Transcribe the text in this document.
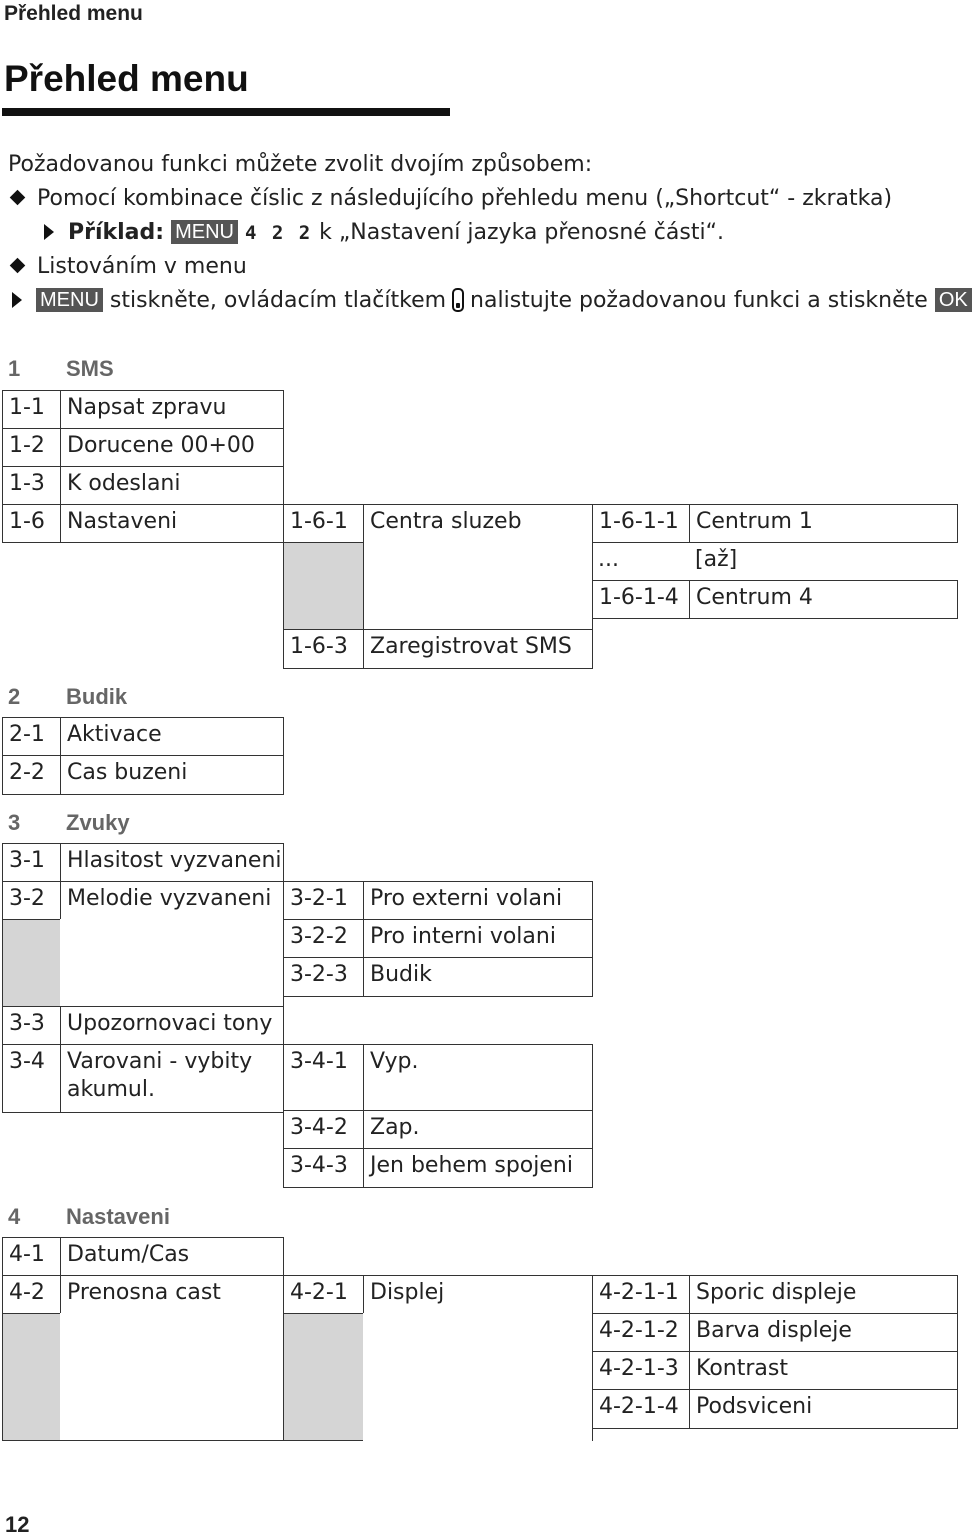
Přehled menu
Přehled menu
Požadovanou funkci můžete zvolit dvojím způsobem:
Pomocí kombinace číslic z následujícího přehledu menu („Shortcut“ - zkratka)
Příklad: MENU 4 2 2 k „Nastavení jazyka přenosné části“.
Listováním v menu
MENU stiskněte, ovládacím tlačítkem nalistujte požadovanou funkci a stiskněte OK
1 SMS
1-1	Napsat zpravu
1-2	Dorucene 00+00
1-3	K odeslani
1-6	Nastaveni	1-6-1	Centra sluzeb	1-6-1-1 Centrum 1
...	[až]
1-6-1-4 Centrum 4
1-6-3	Zaregistrovat SMS
2 Budik
2-1	Aktivace
2-2	Cas buzeni
3 Zvuky
3-1	Hlasitost vyzvaneni
3-2	Melodie vyzvaneni 3-2-1	Pro externi volani
3-2-2	Pro interni volani
3-2-3	Budik
3-3	Upozornovaci tony
3-4	Varovani - vybity
akumul.
3-4-1	Vyp.
3-4-2	Zap.
3-4-3	Jen behem spojeni
4 Nastaveni
4-1	Datum/Cas
4-2	Prenosna cast	4-2-1	Displej	4-2-1-1 Sporic displeje
4-2-1-2 Barva displeje
4-2-1-3 Kontrast
4-2-1-4 Podsviceni
12
